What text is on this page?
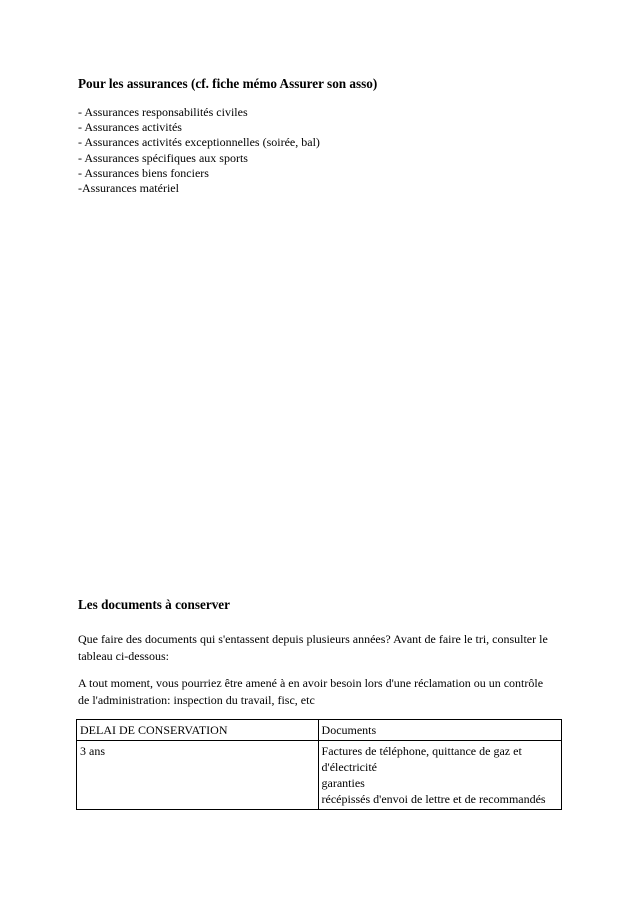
Pour les assurances (cf. fiche mémo Assurer son asso)
- Assurances responsabilités civiles
- Assurances activités
- Assurances activités exceptionnelles (soirée, bal)
- Assurances spécifiques aux sports
- Assurances biens fonciers
-Assurances matériel
Les documents à conserver

Que faire des documents qui s'entassent depuis plusieurs années? Avant de faire le tri, consulter le tableau ci-dessous:

A tout moment, vous pourriez être amené à en avoir besoin lors d'une réclamation ou un contrôle de l'administration: inspection du travail, fisc, etc

DELAI DE CONSERVATION	Documents
3 ans	Factures de téléphone, quittance de gaz et d'électricité
garanties
récépissés d'envoi de lettre et de recommandés
